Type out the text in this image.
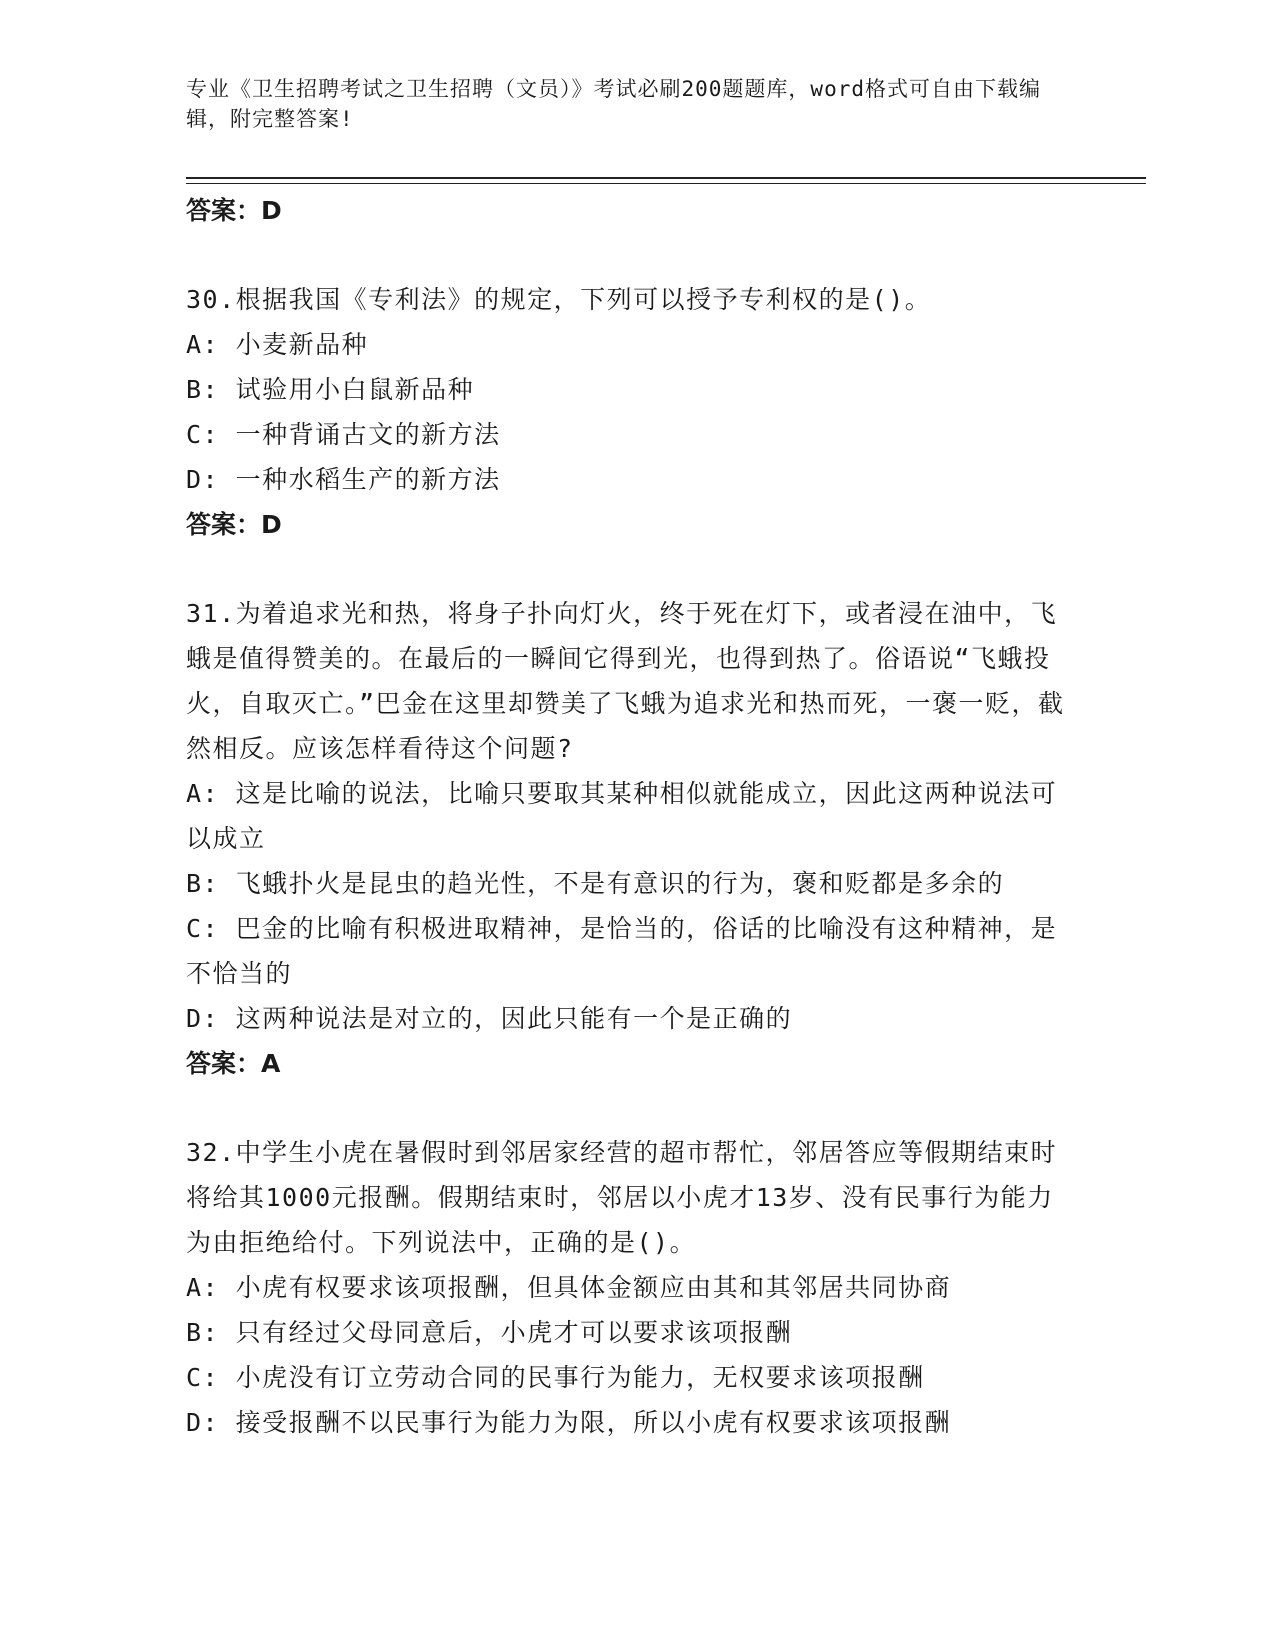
专业《卫生招聘考试之卫生招聘（文员）》考试必刷200题题库，word格式可自由下载编辑，附完整答案!
答案：D
30.根据我国《专利法》的规定，下列可以授予专利权的是()。
A: 小麦新品种
B: 试验用小白鼠新品种
C: 一种背诵古文的新方法
D: 一种水稻生产的新方法
答案：D
31.为着追求光和热，将身子扑向灯火，终于死在灯下，或者浸在油中，飞蛾是值得赞美的。在最后的一瞬间它得到光，也得到热了。俗语说“飞蛾投火，自取灭亡。”巴金在这里却赞美了飞蛾为追求光和热而死，一褒一贬，截然相反。应该怎样看待这个问题?
A: 这是比喻的说法，比喻只要取其某种相似就能成立，因此这两种说法可以成立
B: 飞蛾扑火是昆虫的趋光性，不是有意识的行为，褒和贬都是多余的
C: 巴金的比喻有积极进取精神，是恰当的，俗话的比喻没有这种精神，是不恰当的
D: 这两种说法是对立的，因此只能有一个是正确的
答案：A
32.中学生小虎在暑假时到邻居家经营的超市帮忙，邻居答应等假期结束时将给其1000元报酬。假期结束时，邻居以小虎才13岁、没有民事行为能力为由拒绝给付。下列说法中，正确的是()。
A: 小虎有权要求该项报酬，但具体金额应由其和其邻居共同协商
B: 只有经过父母同意后，小虎才可以要求该项报酬
C: 小虎没有订立劳动合同的民事行为能力，无权要求该项报酬
D: 接受报酬不以民事行为能力为限，所以小虎有权要求该项报酬
